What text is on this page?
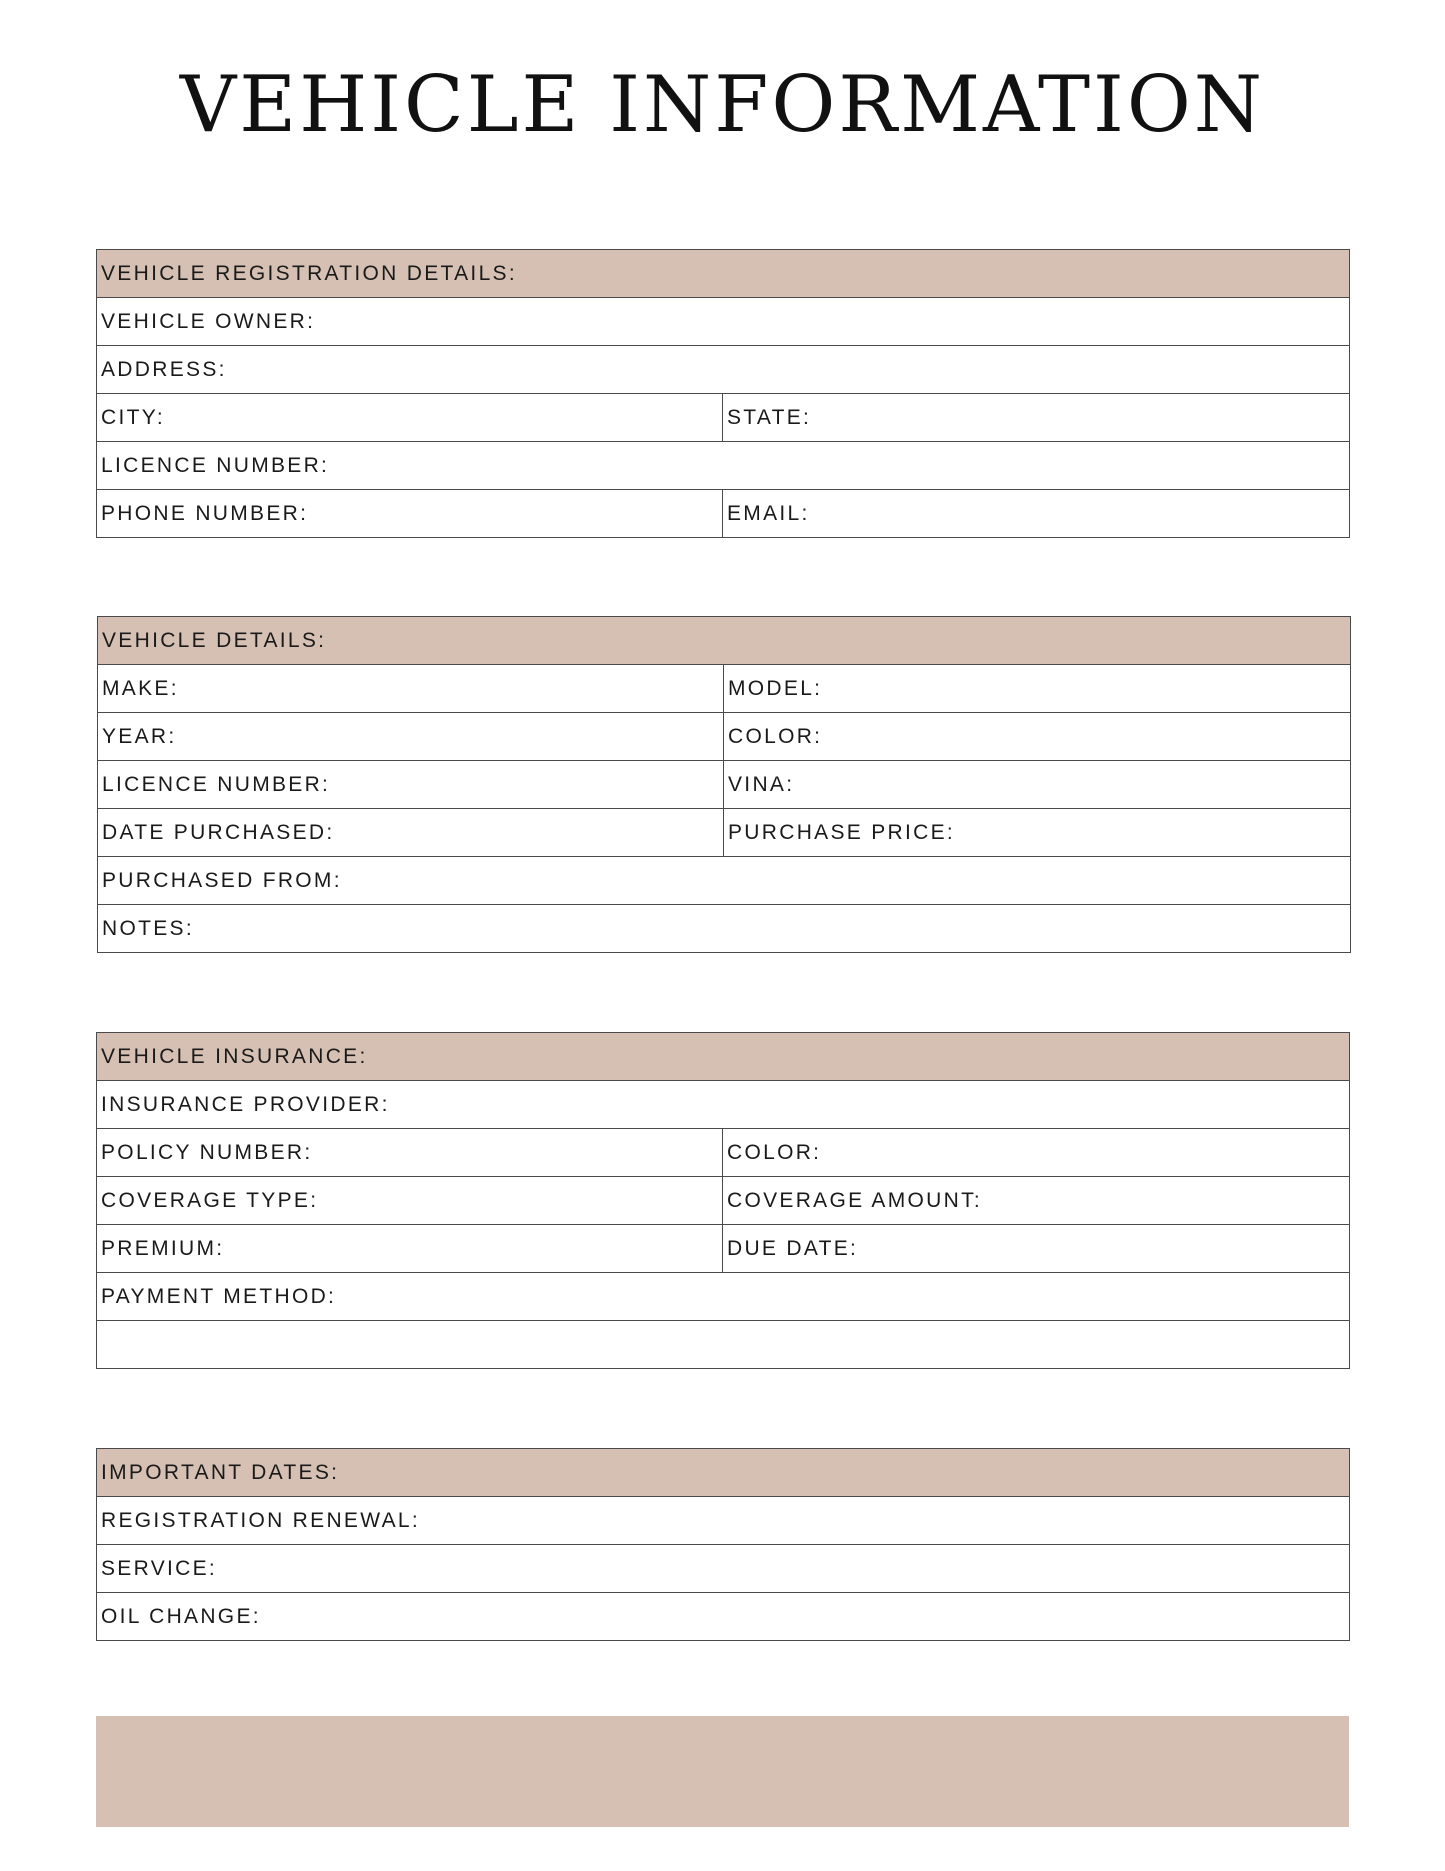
VEHICLE INFORMATION
VEHICLE REGISTRATION DETAILS:	
VEHICLE OWNER:	
ADDRESS:	
CITY:	STATE:
LICENCE NUMBER:	
PHONE NUMBER:	EMAIL:
VEHICLE DETAILS:	
MAKE:	MODEL:
YEAR:	COLOR:
LICENCE NUMBER:	VINA:
DATE PURCHASED:	PURCHASE PRICE:
PURCHASED FROM:	
NOTES:	
VEHICLE INSURANCE:	
INSURANCE PROVIDER:	
POLICY NUMBER:	COLOR:
COVERAGE TYPE:	COVERAGE AMOUNT:
PREMIUM:	DUE DATE:
PAYMENT METHOD:	

IMPORTANT DATES:
REGISTRATION RENEWAL:
SERVICE:
OIL CHANGE:
